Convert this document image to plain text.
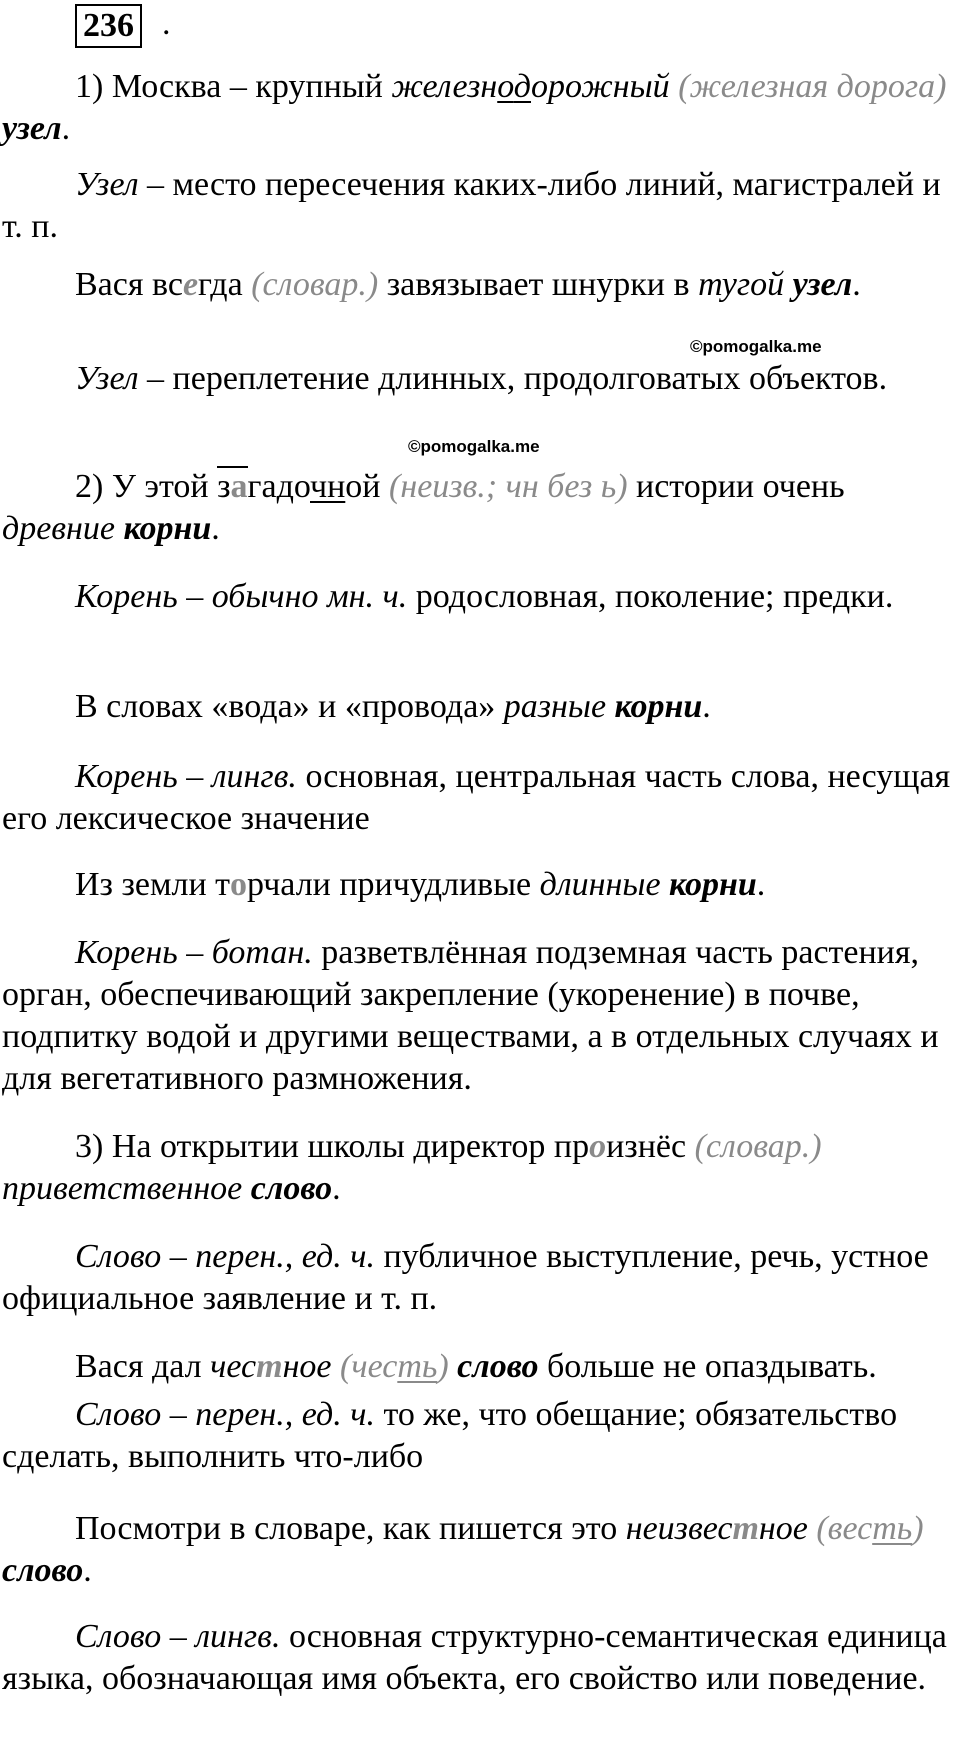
236 .

1) Москва – крупный железнодорожный (железная дорога) узел.

Узел – место пересечения каких-либо линий, магистралей и т. п.

Вася всегда (словар.) завязывает шнурки в тугой узел.

©pomogalka.me

Узел – переплетение длинных, продолговатых объектов.

©pomogalka.me

2) У этой загадочной (неизв.; чн без ь) истории очень древние корни.

Корень – обычно мн. ч. родословная, поколение; предки.

В словах «вода» и «провода» разные корни.

Корень – лингв. основная, центральная часть слова, несущая его лексическое значение

Из земли торчали причудливые длинные корни.

Корень – ботан. разветвлённая подземная часть растения, орган, обеспечивающий закрепление (укоренение) в почве, подпитку водой и другими веществами, а в отдельных случаях и для вегетативного размножения.

3) На открытии школы директор произнёс (словар.) приветственное слово.

Слово – перен., ед. ч. публичное выступление, речь, устное официальное заявление и т. п.

Вася дал честное (честь) слово больше не опаздывать.

Слово – перен., ед. ч. то же, что обещание; обязательство сделать, выполнить что-либо

Посмотри в словаре, как пишется это неизвестное (весть) слово.

Слово – лингв. основная структурно-семантическая единица языка, обозначающая имя объекта, его свойство или поведение.
